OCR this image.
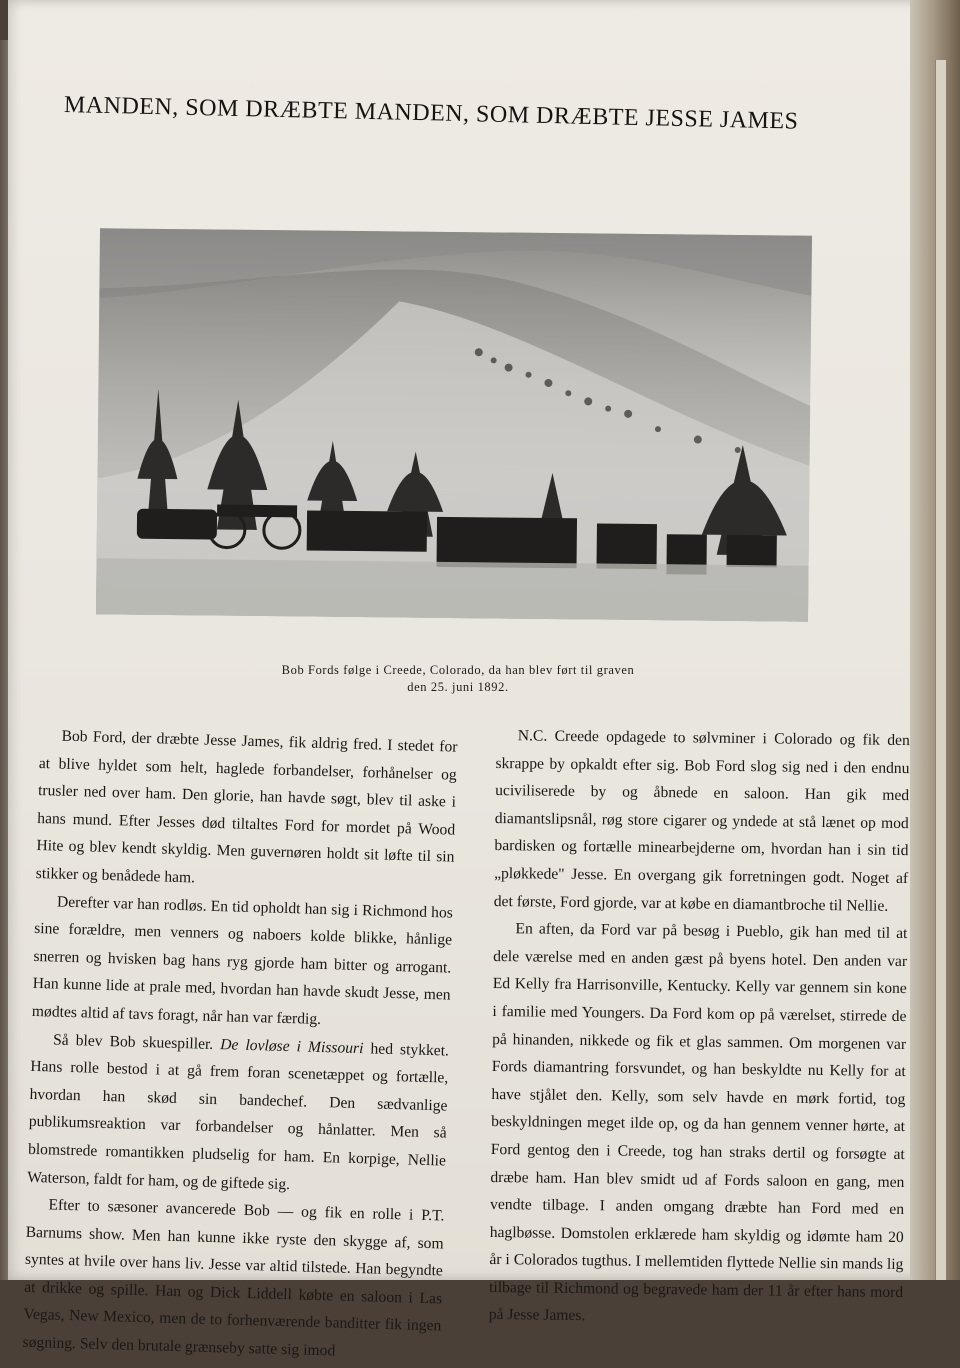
MANDEN, SOM DRÆBTE MANDEN, SOM DRÆBTE JESSE JAMES
Bob Fords følge i Creede, Colorado, da han blev ført til graven
den 25. juni 1892.

Bob Ford, der dræbte Jesse James, fik aldrig fred. I stedet for at blive hyldet som helt, haglede forbandelser, forhånelser og trusler ned over ham. Den glorie, han havde søgt, blev til aske i hans mund. Efter Jesses død tiltaltes Ford for mordet på Wood Hite og blev kendt skyldig. Men guvernøren holdt sit løfte til sin stikker og benådede ham.

Derefter var han rodløs. En tid opholdt han sig i Richmond hos sine forældre, men venners og naboers kolde blikke, hånlige snerren og hvisken bag hans ryg gjorde ham bitter og arrogant. Han kunne lide at prale med, hvordan han havde skudt Jesse, men mødtes altid af tavs foragt, når han var færdig.

Så blev Bob skuespiller. De lovløse i Missouri hed stykket. Hans rolle bestod i at gå frem foran scenetæppet og fortælle, hvordan han skød sin bandechef. Den sædvanlige publikumsreaktion var forbandelser og hånlatter. Men så blomstrede romantikken pludselig for ham. En korpige, Nellie Waterson, faldt for ham, og de giftede sig.

Efter to sæsoner avancerede Bob — og fik en rolle i P.T. Barnums show. Men han kunne ikke ryste den skygge af, som syntes at hvile over hans liv. Jesse var altid tilstede. Han begyndte at drikke og spille. Han og Dick Liddell købte en saloon i Las Vegas, New Mexico, men de to forhenværende banditter fik ingen søgning. Selv den brutale grænseby satte sig imod

N.C. Creede opdagede to sølvminer i Colorado og fik den skrappe by opkaldt efter sig. Bob Ford slog sig ned i den endnu uciviliserede by og åbnede en saloon. Han gik med diamantslipsnål, røg store cigarer og yndede at stå lænet op mod bardisken og fortælle minearbejderne om, hvordan han i sin tid „pløkkede" Jesse. En overgang gik forretningen godt. Noget af det første, Ford gjorde, var at købe en diamantbroche til Nellie.

En aften, da Ford var på besøg i Pueblo, gik han med til at dele værelse med en anden gæst på byens hotel. Den anden var Ed Kelly fra Harrisonville, Kentucky. Kelly var gennem sin kone i familie med Youngers. Da Ford kom op på værelset, stirrede de på hinanden, nikkede og fik et glas sammen. Om morgenen var Fords diamantring forsvundet, og han beskyldte nu Kelly for at have stjålet den. Kelly, som selv havde en mørk fortid, tog beskyldningen meget ilde op, og da han gennem venner hørte, at Ford gentog den i Creede, tog han straks dertil og forsøgte at dræbe ham. Han blev smidt ud af Fords saloon en gang, men vendte tilbage. I anden omgang dræbte han Ford med en haglbøsse. Domstolen erklærede ham skyldig og idømte ham 20 år i Colorados tugthus. I mellemtiden flyttede Nellie sin mands lig tilbage til Richmond og begravede ham der 11 år efter hans mord på Jesse James.
